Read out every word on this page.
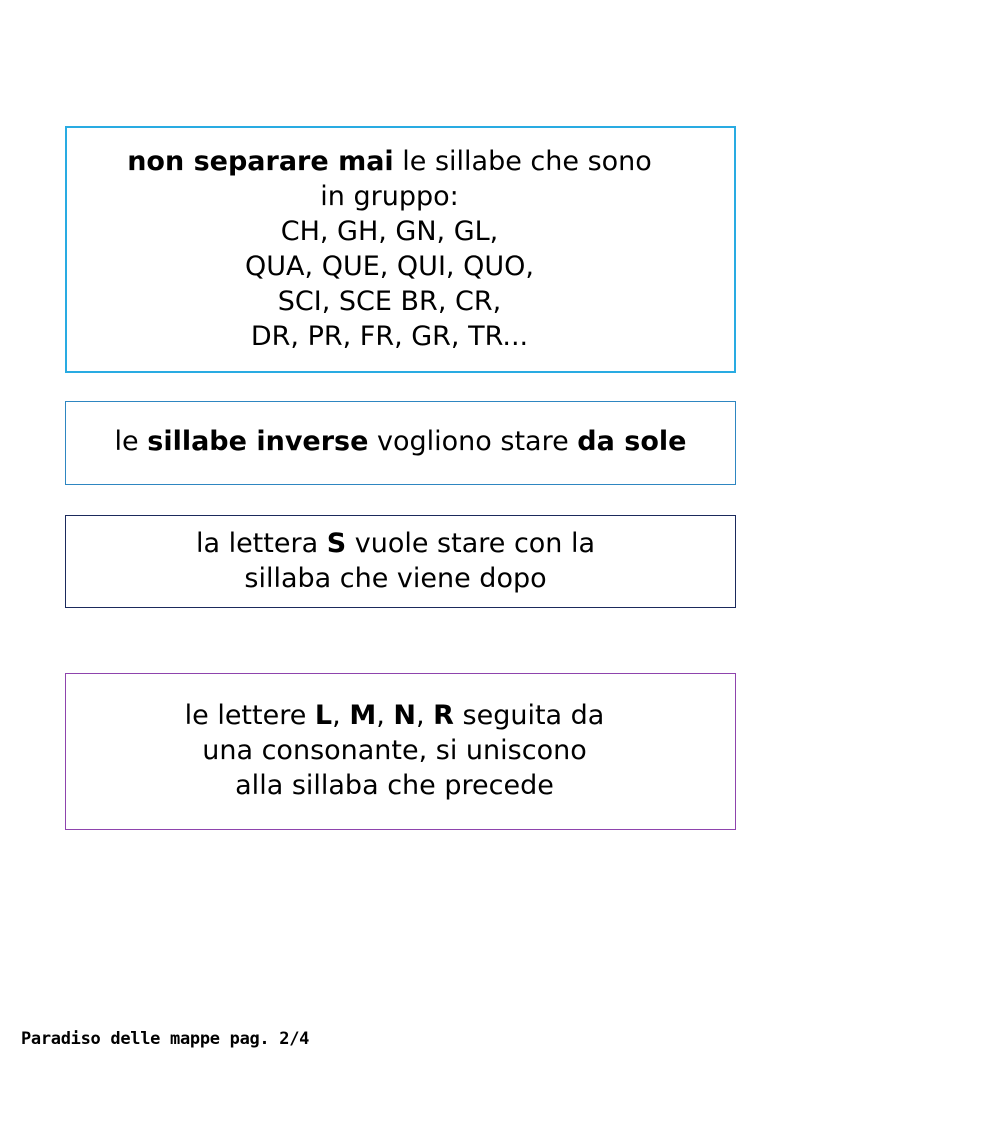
non separare mai le sillabe che sono
in gruppo:
CH, GH, GN, GL,
QUA, QUE, QUI, QUO,
SCI, SCE BR, CR,
DR, PR, FR, GR, TR...
le sillabe inverse vogliono stare da sole
la lettera S vuole stare con la
sillaba che viene dopo
le lettere L, M, N, R seguita da
una consonante, si uniscono
alla sillaba che precede
Paradiso delle mappe pag. 2/4
